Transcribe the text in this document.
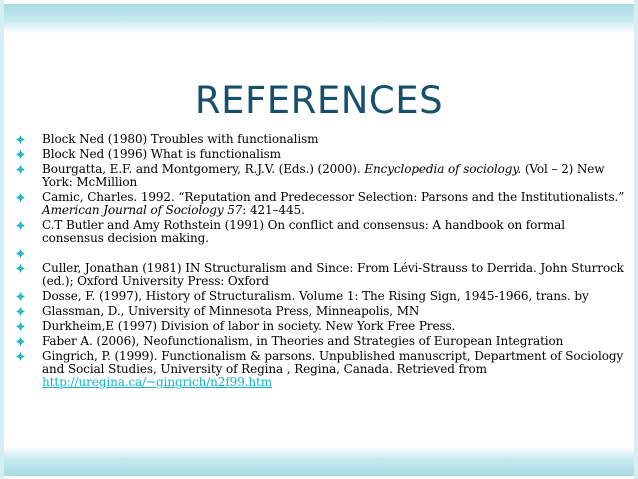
REFERENCES
Block Ned (1980) Troubles with functionalism
Block Ned (1996) What is functionalism
Bourgatta, E.F. and Montgomery, R.J.V. (Eds.) (2000). Encyclopedia of sociology. (Vol – 2) New York: McMillion
Camic, Charles. 1992. “Reputation and Predecessor Selection: Parsons and the Institutionalists.” American Journal of Sociology 57: 421–445.
C.T Butler and Amy Rothstein (1991) On conflict and consensus: A handbook on formal consensus decision making.
Culler, Jonathan (1981) IN Structuralism and Since: From Lévi-Strauss to Derrida. John Sturrock (ed.); Oxford University Press: Oxford
Dosse, F. (1997), History of Structuralism. Volume 1: The Rising Sign, 1945-1966, trans. by
Glassman, D., University of Minnesota Press, Minneapolis, MN
Durkheim,E (1997) Division of labor in society. New York Free Press.
Faber A. (2006), Neofunctionalism, in Theories and Strategies of European Integration
Gingrich, P. (1999). Functionalism & parsons. Unpublished manuscript, Department of Sociology and Social Studies, University of Regina , Regina, Canada. Retrieved from http://uregina.ca/~gingrich/n2f99.htm
